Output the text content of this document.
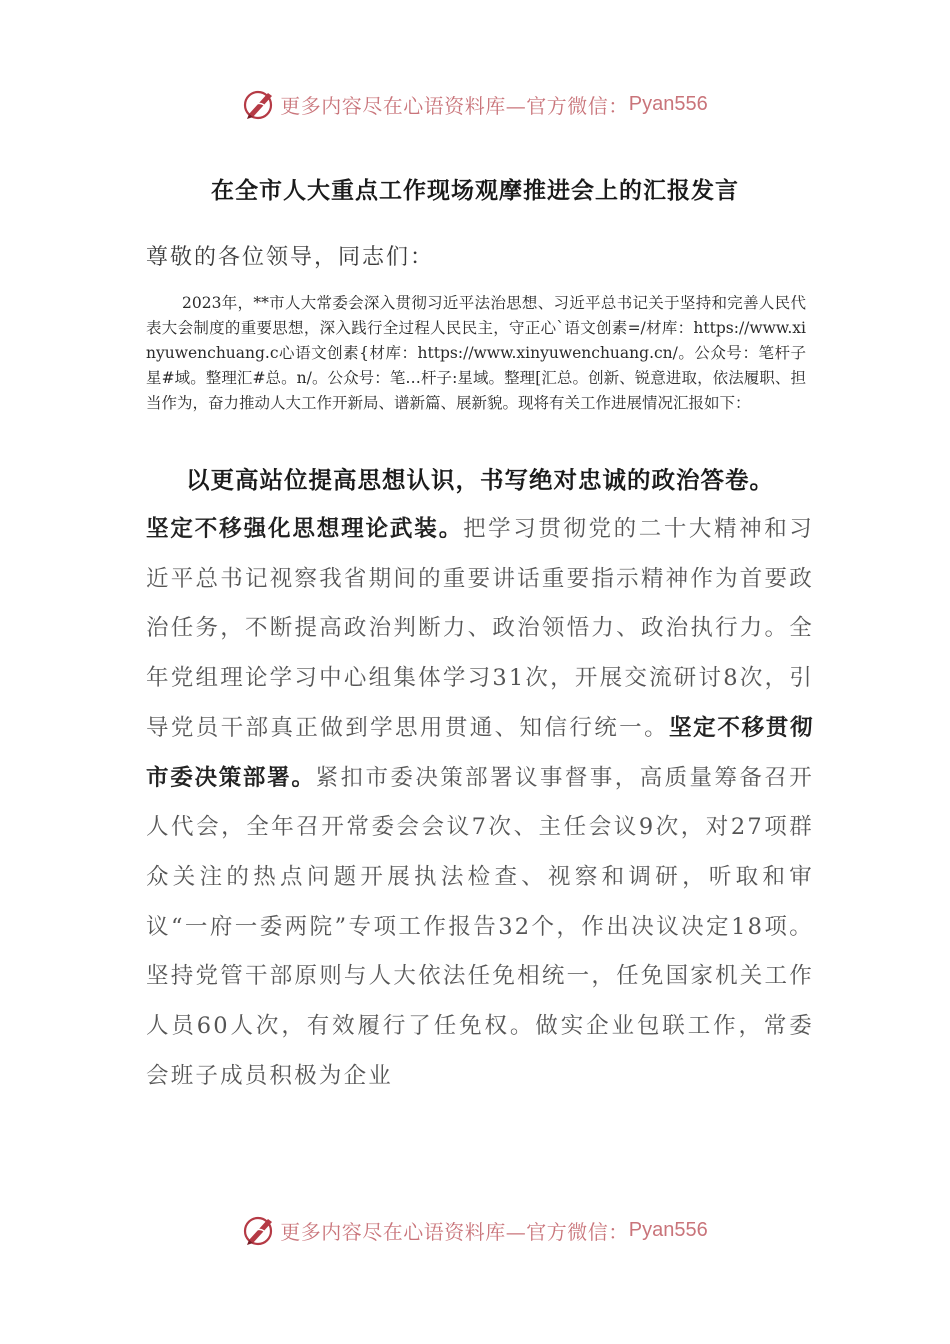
更多内容尽在心语资料库—官方微信： Pyan556
在全市人大重点工作现场观摩推进会上的汇报发言

尊敬的各位领导，同志们：

2023年，**市人大常委会深入贯彻习近平法治思想、习近平总书记关于坚持和完善人民代表大会制度的重要思想，深入践行全过程人民民主，守正心`语文创素=/材库：https://www.xinyuwenchuang.c心语文创素{材库：https://www.xinyuwenchuang.cn/。公众号：笔杆子星#域。整理汇#总。n/。公众号：笔…杆子:星域。整理[汇总。创新、锐意进取，依法履职、担当作为，奋力推动人大工作开新局、谱新篇、展新貌。现将有关工作进展情况汇报如下：

以更高站位提高思想认识，书写绝对忠诚的政治答卷。

坚定不移强化思想理论武装。把学习贯彻党的二十大精神和习近平总书记视察我省期间的重要讲话重要指示精神作为首要政治任务，不断提高政治判断力、政治领悟力、政治执行力。全年党组理论学习中心组集体学习31次，开展交流研讨8次，引导党员干部真正做到学思用贯通、知信行统一。坚定不移贯彻市委决策部署。紧扣市委决策部署议事督事，高质量筹备召开人代会，全年召开常委会会议7次、主任会议9次，对27项群众关注的热点问题开展执法检查、视察和调研，听取和审议“一府一委两院”专项工作报告32个，作出决议决定18项。坚持党管干部原则与人大依法任免相统一，任免国家机关工作人员60人次，有效履行了任免权。做实企业包联工作，常委会班子成员积极为企业

更多内容尽在心语资料库—官方微信： Pyan556
